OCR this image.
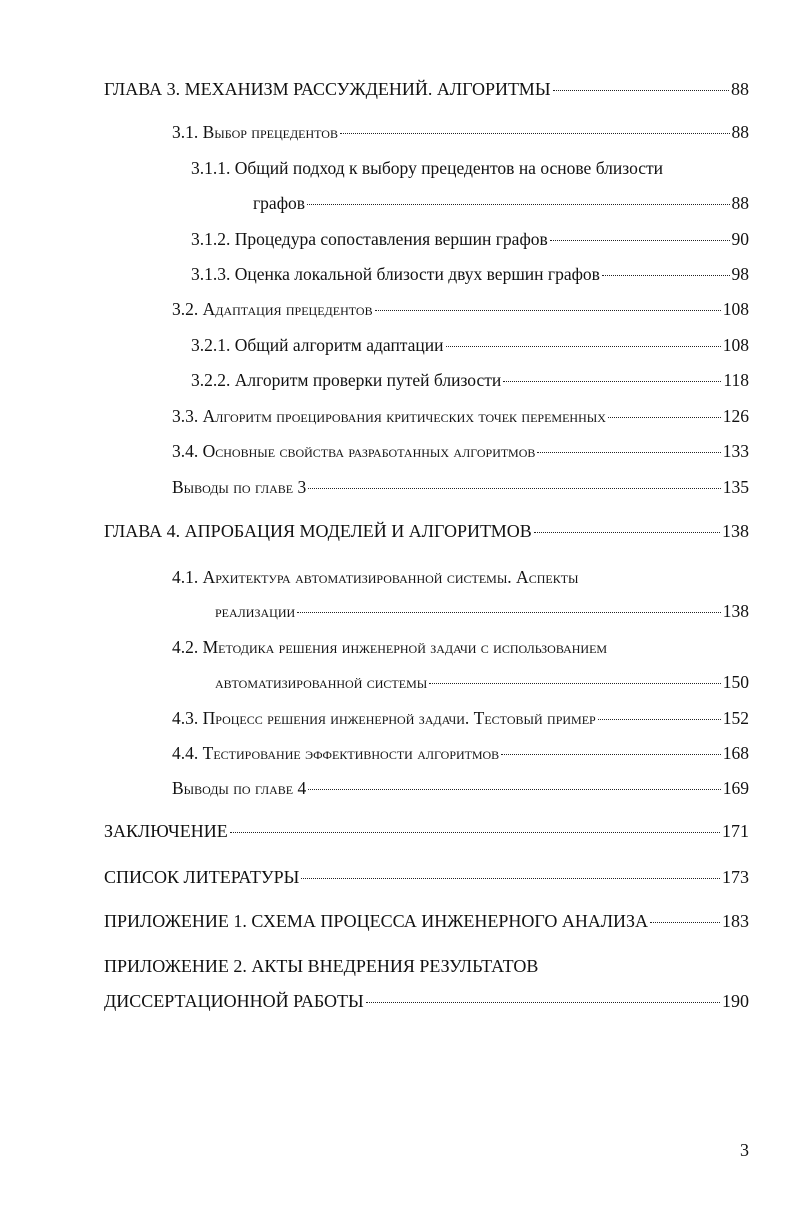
ГЛАВА 3. МЕХАНИЗМ РАССУЖДЕНИЙ. АЛГОРИТМЫ	88
3.1. Выбор прецедентов	88
3.1.1. Общий подход к выбору прецедентов на основе близости
графов	88
3.1.2. Процедура сопоставления вершин графов	90
3.1.3. Оценка локальной близости двух вершин графов	98
3.2. Адаптация прецедентов	108
3.2.1. Общий алгоритм адаптации	108
3.2.2. Алгоритм проверки путей близости	118
3.3. Алгоритм проецирования критических точек переменных	126
3.4. Основные свойства разработанных алгоритмов	133
Выводы по главе 3	135
ГЛАВА 4. АПРОБАЦИЯ МОДЕЛЕЙ И АЛГОРИТМОВ	138
4.1. Архитектура автоматизированной системы. Аспекты
реализации	138
4.2. Методика решения инженерной задачи с использованием
автоматизированной системы	150
4.3. Процесс решения инженерной задачи. Тестовый пример	152
4.4. Тестирование эффективности алгоритмов	168
Выводы по главе 4	169
ЗАКЛЮЧЕНИЕ	171
СПИСОК ЛИТЕРАТУРЫ	173
ПРИЛОЖЕНИЕ 1. СХЕМА ПРОЦЕССА ИНЖЕНЕРНОГО АНАЛИЗА	183
ПРИЛОЖЕНИЕ 2. АКТЫ ВНЕДРЕНИЯ РЕЗУЛЬТАТОВ
ДИССЕРТАЦИОННОЙ РАБОТЫ	190
3
